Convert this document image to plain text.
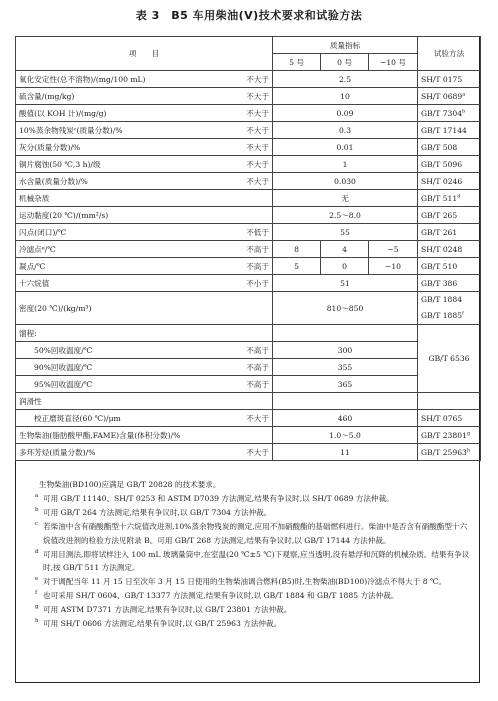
表 3　B5 车用柴油(Ⅴ)技术要求和试验方法
项　　目	质量指标			试验方法
	5 号	0 号	−10 号	
氧化安定性(总不溶物)/(mg/100 mL) 不大于	2.5			SH/T 0175
硫含量/(mg/kg) 不大于	10			SH/T 0689$^a$
酸值(以 KOH 计)/(mg/g) 不大于	0.09			GB/T 7304$^b$
10%蒸余物残炭ᶜ(质量分数)/% 不大于	0.3			GB/T 17144
灰分(质量分数)/% 不大于	0.01			GB/T 508
铜片腐蚀(50 ℃,3 h)/级 不大于	1			GB/T 5096
水含量(质量分数)/% 不大于	0.030			SH/T 0246
机械杂质	无			GB/T 511$^d$
运动黏度(20 ℃)/(mm²/s)	2.5～8.0			GB/T 265
闪点(闭口)/℃ 不低于	55			GB/T 261
冷滤点ᵉ/℃ 不高于	8	4	−5	SH/T 0248
凝点/℃ 不高于	5	0	−10	GB/T 510
十六烷值 不小于	51			GB/T 386
密度(20 ℃)/(kg/m³)	810～850			GB/T 1884
GB/T 1885$^f$

馏程:				GB/T 6536
50%回收温度/℃ 不高于	300			
90%回收温度/℃ 不高于	355			
95%回收温度/℃ 不高于	365			
润滑性				
校正磨斑直径(60 ℃)/μm 不大于	460			SH/T 0765
生物柴油(脂肪酸甲酯,FAME)含量(体积分数)/%	1.0～5.0			GB/T 23801$^g$
多环芳烃(质量分数)/% 不大于	11			GB/T 25963$^h$
生物柴油(BD100)应满足 GB/T 20828 的技术要求。
a 可用 GB/T 11140、SH/T 0253 和 ASTM D7039 方法测定,结果有争议时,以 SH/T 0689 方法仲裁。
b 可用 GB/T 264 方法测定,结果有争议时,以 GB/T 7304 方法仲裁。
c 若柴油中含有硝酸酯型十六烷值改进剂,10%蒸余物残炭的测定,应用不加硝酸酯的基础燃料进行。柴油中是否含有硝酸酯型十六烷值改进剂的检验方法见附录 B。可用 GB/T 268 方法测定,结果有争议时,以 GB/T 17144 方法仲裁。
d 可用目测法,即将试样注入 100 mL 玻璃量筒中,在室温(20 ℃±5 ℃)下观察,应当透明,没有悬浮和沉降的机械杂质。结果有争议时,按 GB/T 511 方法测定。
e 对于调配当年 11 月 15 日至次年 3 月 15 日使用的生物柴油调合燃料(B5)时,生物柴油(BD100)冷滤点不得大于 8 ℃。
f 也可采用 SH/T 0604、GB/T 13377 方法测定,结果有争议时,以 GB/T 1884 和 GB/T 1885 方法仲裁。
g 可用 ASTM D7371 方法测定,结果有争议时,以 GB/T 23801 方法仲裁。
h 可用 SH/T 0606 方法测定,结果有争议时,以 GB/T 25963 方法仲裁。
